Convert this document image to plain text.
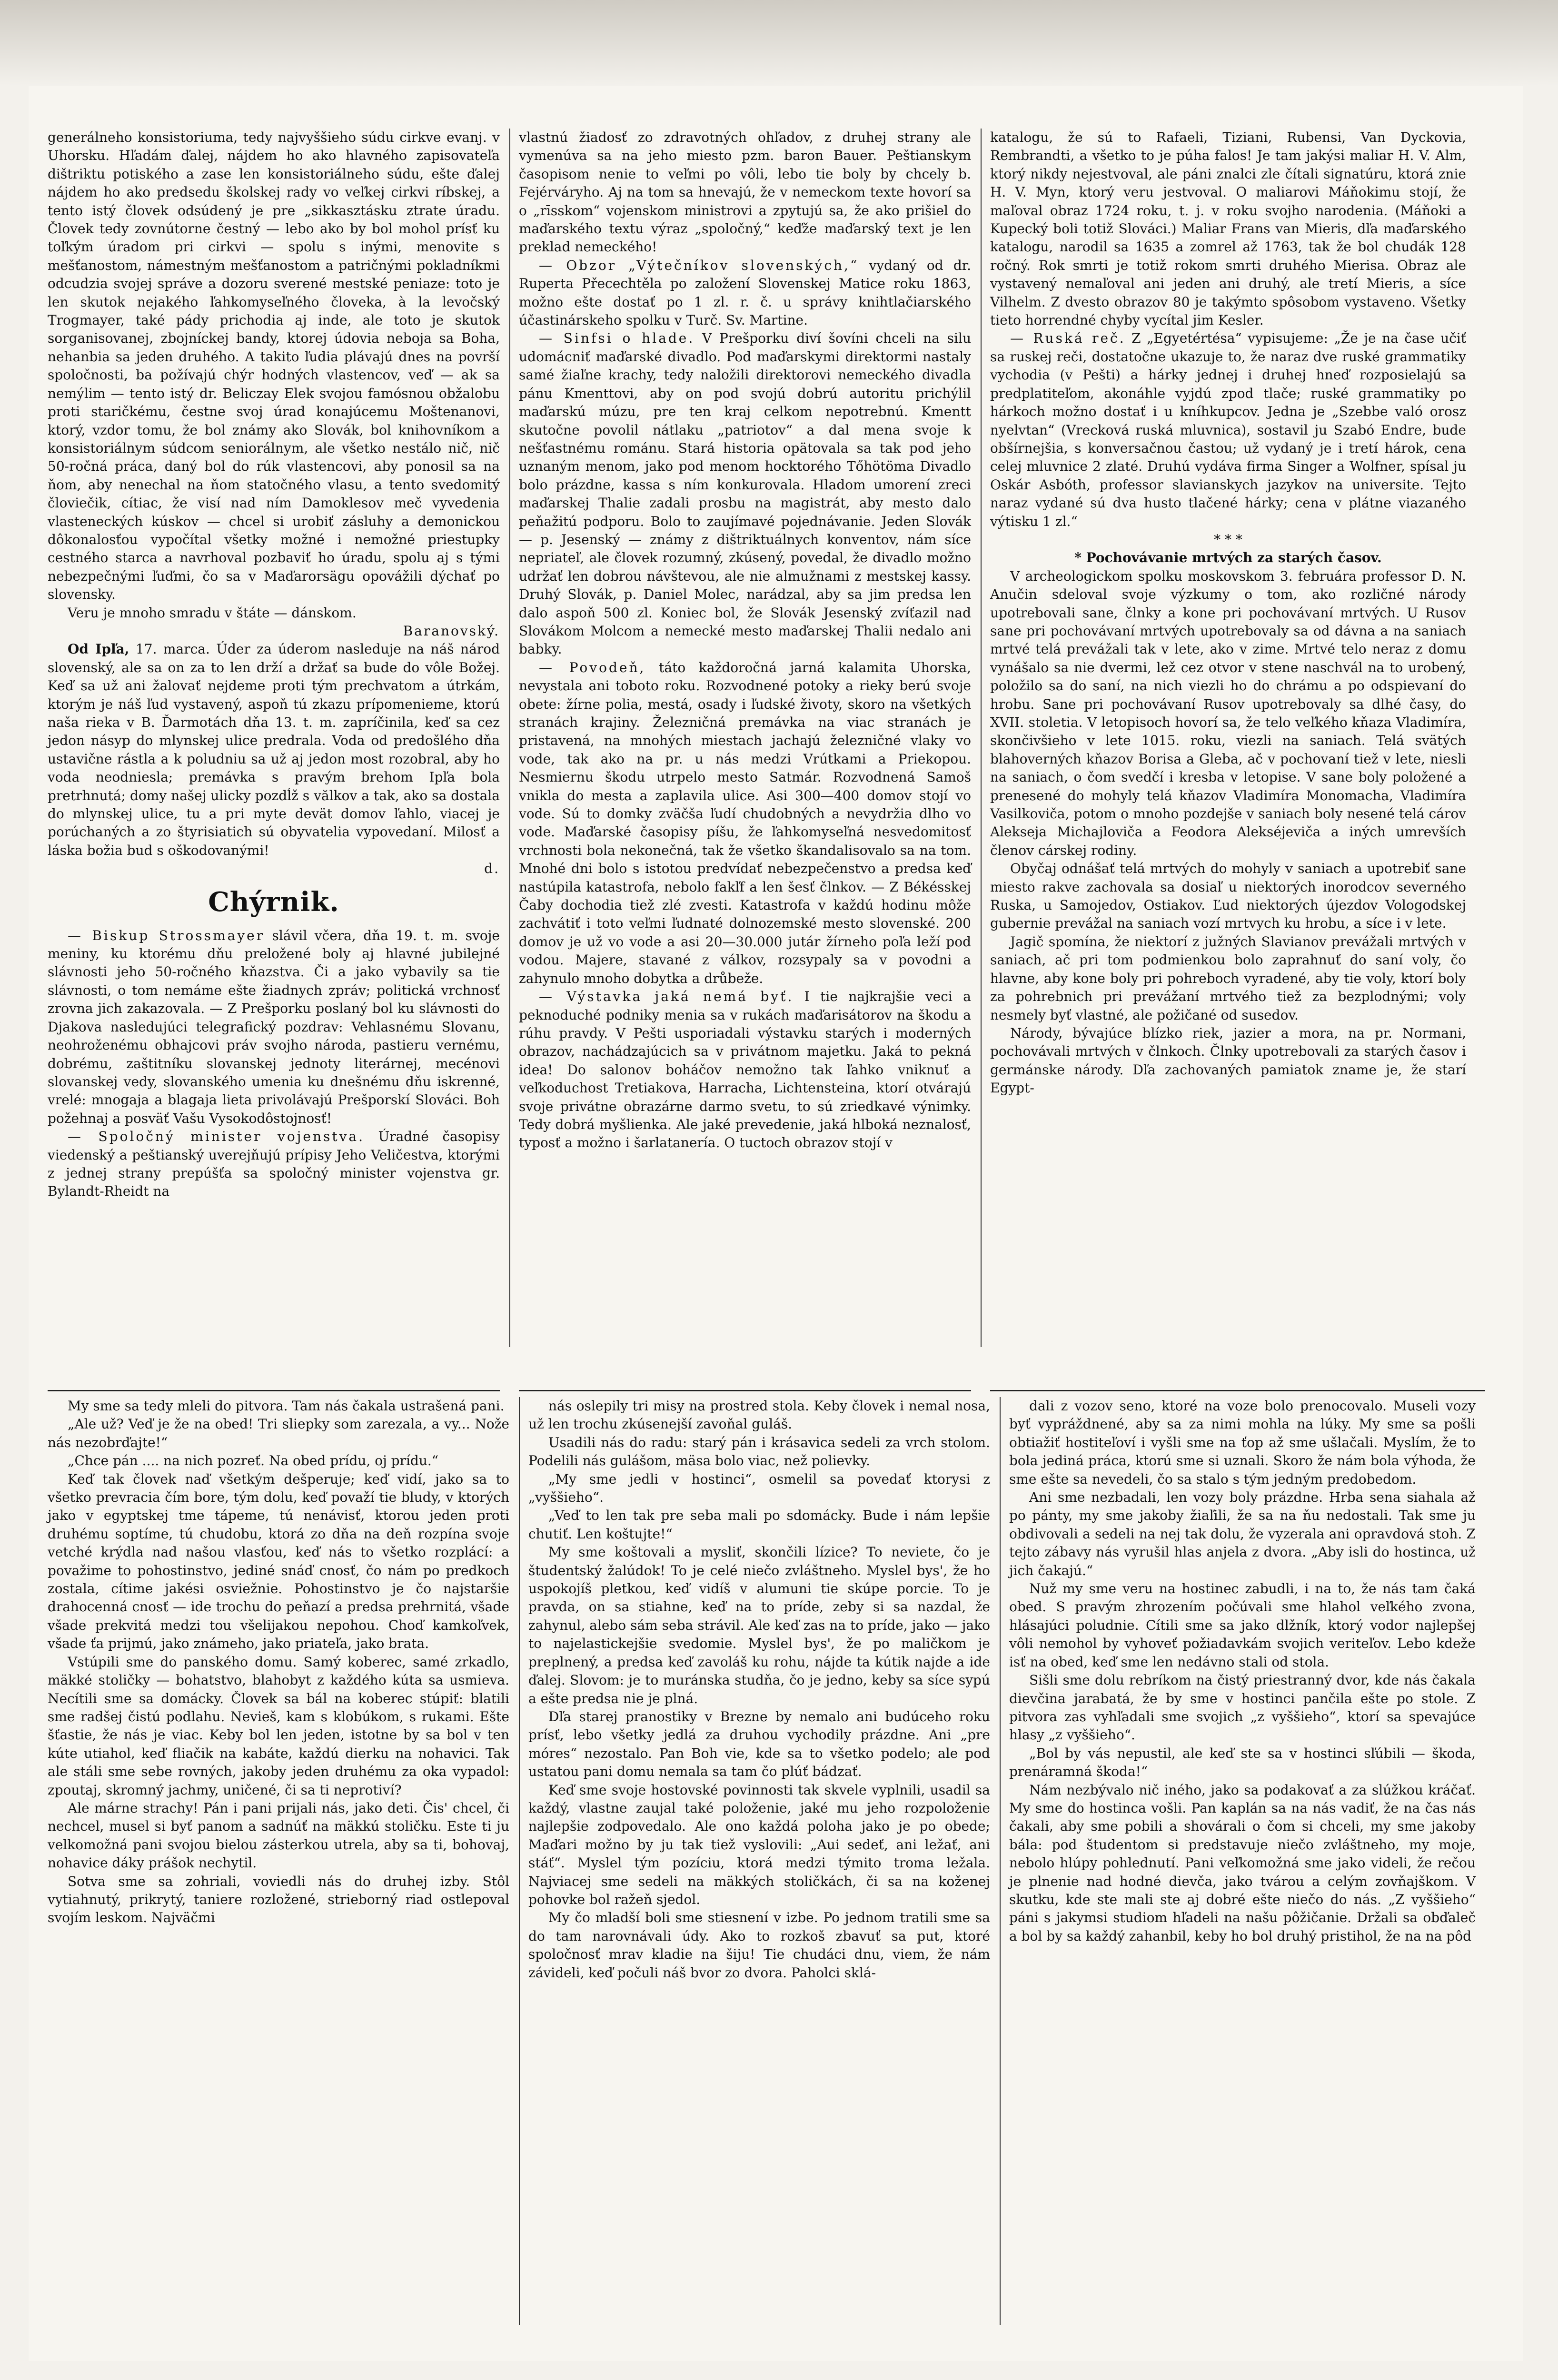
generálneho konsistoriuma, tedy najvyššieho súdu cirkve evanj. v Uhorsku. Hľadám ďalej, nájdem ho ako hlavného zapisovateľa dištriktu potiského a zase len konsistoriálneho súdu, ešte ďalej nájdem ho ako predsedu školskej rady vo veľkej cirkvi ríbskej, a tento istý človek odsúdený je pre „sikkasztásku ztrate úradu. Človek tedy zovnútorne čestný — lebo ako by bol mohol prísť ku toľkým úradom pri cirkvi — spolu s inými, menovite s mešťanostom, námestným mešťanostom a patričnými pokladníkmi odcudzia svojej správe a dozoru sverené mestské peniaze: toto je len skutok nejakého ľahkomyseľného človeka, à la levočský Trogmayer, také pády prichodia aj inde, ale toto je skutok sorganisovanej, zbojníckej bandy, ktorej údovia neboja sa Boha, nehanbia sa jeden druhého. A takito ľudia plávajú dnes na površí spoločnosti, ba požívajú chýr hodných vlastencov, veď — ak sa nemýlim — tento istý dr. Beliczay Elek svojou famósnou obžalobu proti staričkému, čestne svoj úrad konajúcemu Moštenanovi, ktorý, vzdor tomu, že bol známy ako Slovák, bol knihovníkom a konsistoriálnym súdcom seniorálnym, ale všetko nestálo nič, nič 50-ročná práca, daný bol do rúk vlastencovi, aby ponosil sa na ňom, aby nenechal na ňom statočného vlasu, a tento svedomitý človiečik, cítiac, že visí nad ním Damoklesov meč vyvedenia vlasteneckých kúskov — chcel si urobiť zásluhy a demonickou dôkonalosťou vypočítal všetky možné i nemožné priestupky cestného starca a navrhoval pozbaviť ho úradu, spolu aj s tými nebezpečnými ľuďmi, čo sa v Maďarorsägu opovážili dýchať po slovensky.

Veru je mnoho smradu v štáte — dánskom.

Baranovský.

Od Ipľa, 17. marca. Úder za úderom nasleduje na náš národ slovenský, ale sa on za to len drží a držať sa bude do vôle Božej. Keď sa už ani žalovať nejdeme proti tým prechvatom a útrkám, ktorým je náš ľud vystavený, aspoň tú zkazu prípomenieme, ktorú naša rieka v B. Ďarmotách dňa 13. t. m. zapríčinila, keď sa cez jedon násyp do mlynskej ulice predrala. Voda od predošlého dňa ustavične rástla a k poludniu sa už aj jedon most rozobral, aby ho voda neodniesla; premávka s pravým brehom Ipľa bola pretrhnutá; domy našej ulicky pozdĺž s vălkov a tak, ako sa dostala do mlynskej ulice, tu a pri myte devät domov ľahlo, viacej je porúchaných a zo štyrisiatich sú obyvatelia vypovedaní. Milosť a láska božia bud s oškodovanými!

d.
Chýrnik.

— Biskup Strossmayer slávil včera, dňa 19. t. m. svoje meniny, ku ktorému dňu preložené boly aj hlavné jubilejné slávnosti jeho 50-ročného kňazstva. Či a jako vybavily sa tie slávnosti, o tom nemáme ešte žiadnych zpráv; politická vrchnosť zrovna jich zakazovala. — Z Prešporku poslaný bol ku slávnosti do Djakova nasledujúci telegrafický pozdrav: Vehlasnému Slovanu, neohroženému obhajcovi práv svojho národa, pastieru vernému, dobrému, zaštitníku slovanskej jednoty literárnej, mecénovi slovanskej vedy, slovanského umenia ku dnešnému dňu iskrenné, vrelé: mnogaja a blagaja lieta privolávajú Prešporskí Slováci. Boh požehnaj a posväť Vašu Vysokodôstojnosť!

— Spoločný minister vojenstva. Úradné časopisy viedenský a peštianský uverejňujú prípisy Jeho Veličestva, ktorými z jednej strany prepúšťa sa spoločný minister vojenstva gr. Bylandt-Rheidt na

vlastnú žiadosť zo zdravotných ohľadov, z druhej strany ale vymenúva sa na jeho miesto pzm. baron Bauer. Peštianskym časopisom nenie to veľmi po vôli, lebo tie boly by chcely b. Fejérváryho. Aj na tom sa hnevajú, že v nemeckom texte hovorí sa o „rīsskom“ vojenskom ministrovi a zpytujú sa, že ako prišiel do maďarského textu výraz „spoločný,“ keďže maďarský text je len preklad nemeckého!

— Obzor „Výtečníkov slovenských,“ vydaný od dr. Ruperta Přecechtěla po založení Slovenskej Matice roku 1863, možno ešte dostať po 1 zl. r. č. u správy knihtlačiarského účastinárskeho spolku v Turč. Sv. Martine.

— Sinfsi o hlade. V Prešporku diví šovíni chceli na silu udomácniť maďarské divadlo. Pod maďarskymi direktormi nastaly samé žiaľne krachy, tedy naložili direktorovi nemeckého divadla pánu Kmenttovi, aby on pod svojú dobrú autoritu prichýlil maďarskú múzu, pre ten kraj celkom nepotrebnú. Kmentt skutočne povolil nátlaku „patriotov“ a dal mena svoje k nešťastnému románu. Stará historia opätovala sa tak pod jeho uznaným menom, jako pod menom hocktorého Tőhötöma Divadlo bolo prázdne, kassa s ním konkurovala. Hladom umorení zreci maďarskej Thalie zadali prosbu na magistrát, aby mesto dalo peňažitú podporu. Bolo to zaujímavé pojednávanie. Jeden Slovák — p. Jesenský — známy z dištriktuálnych konventov, nám síce nepriateľ, ale človek rozumný, zkúsený, povedal, že divadlo možno udržať len dobrou návštevou, ale nie almužnami z mestskej kassy. Druhý Slovák, p. Daniel Molec, narádzal, aby sa jim predsa len dalo aspoň 500 zl. Koniec bol, že Slovák Jesenský zvíťazil nad Slovákom Molcom a nemecké mesto maďarskej Thalii nedalo ani babky.

— Povodeň, táto každoročná jarná kalamita Uhorska, nevystala ani toboto roku. Rozvodnené potoky a rieky berú svoje obete: žírne polia, mestá, osady i ľudské životy, skoro na všetkých stranách krajiny. Železničná premávka na viac stranách je pristavená, na mnohých miestach jachajú železničné vlaky vo vode, tak ako na pr. u nás medzi Vrútkami a Priekopou. Nesmiernu škodu utrpelo mesto Satmár. Rozvodnená Samoš vnikla do mesta a zaplavila ulice. Asi 300—400 domov stojí vo vode. Sú to domky zväčša ľudí chudobných a nevydržia dlho vo vode. Maďarské časopisy píšu, že ľahkomyseľná nesvedomitosť vrchnosti bola nekonečná, tak že všetko škandalisovalo sa na tom. Mnohé dni bolo s istotou predvídať nebezpečenstvo a predsa keď nastúpila katastrofa, nebolo fakľf a len šesť člnkov. — Z Békésskej Čaby dochodia tiež zlé zvesti. Katastrofa v každú hodinu môže zachvátiť i toto veľmi ľudnaté dolnozemské mesto slovenské. 200 domov je už vo vode a asi 20—30.000 jutár žírneho poľa leží pod vodou. Majere, stavané z válkov, rozsypaly sa v povodni a zahynulo mnoho dobytka a drůbeže.

— Výstavka jaká nemá byť. I tie najkrajšie veci a peknoduché podniky menia sa v rukách maďarisátorov na škodu a rúhu pravdy. V Pešti usporiadali výstavku starých i moderných obrazov, nachádzajúcich sa v privátnom majetku. Jaká to pekná idea! Do salonov boháčov nemožno tak ľahko vniknuť a veľkoduchost Tretiakova, Harracha, Lichtensteina, ktorí otvárajú svoje privátne obrazárne darmo svetu, to sú zriedkavé výnimky. Tedy dobrá myšlienka. Ale jaké prevedenie, jaká hlboká neznalosť, typosť a možno i šarlatanería. O tuctoch obrazov stojí v

katalogu, že sú to Rafaeli, Tiziani, Rubensi, Van Dyckovia, Rembrandti, a všetko to je púha falos! Je tam jakýsi maliar H. V. Alm, ktorý nikdy nejestvoval, ale páni znalci zle čítali signatúru, ktorá znie H. V. Myn, ktorý veru jestvoval. O maliarovi Máňokimu stojí, že maľoval obraz 1724 roku, t. j. v roku svojho narodenia. (Máňoki a Kupecký boli totiž Slováci.) Maliar Frans van Mieris, dľa maďarského katalogu, narodil sa 1635 a zomrel až 1763, tak že bol chudák 128 ročný. Rok smrti je totiž rokom smrti druhého Mierisa. Obraz ale vystavený nemaľoval ani jeden ani druhý, ale tretí Mieris, a síce Vilhelm. Z dvesto obrazov 80 je takýmto spôsobom vystaveno. Všetky tieto horrendné chyby vycítal jim Kesler.

— Ruská reč. Z „Egyetértésa“ vypisujeme: „Že je na čase učiť sa ruskej reči, dostatočne ukazuje to, že naraz dve ruské grammatiky vychodia (v Pešti) a hárky jednej i druhej hneď rozposielajú sa predplatiteľom, akonáhle vyjdú zpod tlače; ruské grammatiky po hárkoch možno dostať i u kníhkupcov. Jedna je „Szebbe való orosz nyelvtan“ (Vrecková ruská mluvnica), sostavil ju Szabó Endre, bude obšírnejšia, s konversačnou častou; už vydaný je i tretí hárok, cena celej mluvnice 2 zlaté. Druhú vydáva firma Singer a Wolfner, spísal ju Oskár Asbóth, professor slavianskych jazykov na universite. Tejto naraz vydané sú dva husto tlačené hárky; cena v plátne viazaného výtisku 1 zl.“

* * *

* Pochovávanie mrtvých za starých časov.

V archeologickom spolku moskovskom 3. februára professor D. N. Anučin sdeloval svoje výzkumy o tom, ako rozličné národy upotrebovali sane, člnky a kone pri pochovávaní mrtvých. U Rusov sane pri pochovávaní mrtvých upotrebovaly sa od dávna a na saniach mrtvé telá prevážali tak v lete, ako v zime. Mrtvé telo neraz z domu vynášalo sa nie dvermi, lež cez otvor v stene naschvál na to urobený, položilo sa do saní, na nich viezli ho do chrámu a po odspievaní do hrobu. Sane pri pochovávaní Rusov upotrebovaly sa dlhé časy, do XVII. stoletia. V letopisoch hovorí sa, že telo veľkého kňaza Vladimíra, skončivšieho v lete 1015. roku, viezli na saniach. Telá svätých blahoverných kňazov Borisa a Gleba, ač v pochovaní tiež v lete, niesli na saniach, o čom svedčí i kresba v letopise. V sane boly položené a prenesené do mohyly telá kňazov Vladimíra Monomacha, Vladimíra Vasilkoviča, potom o mnoho pozdejše v saniach boly nesené telá cárov Alekseja Michajloviča a Feodora Alekséjeviča a iných umrevších členov cárskej rodiny.

Obyčaj odnášať telá mrtvých do mohyly v saniach a upotrebiť sane miesto rakve zachovala sa dosiaľ u niektorých inorodcov severného Ruska, u Samojedov, Ostiakov. Ľud niektorých újezdov Vologodskej gubernie prevážal na saniach vozí mrtvych ku hrobu, a síce i v lete.

Jagič spomína, že niektorí z južných Slavianov prevážali mrtvých v saniach, ač pri tom podmienkou bolo zaprahnuť do saní voly, čo hlavne, aby kone boly pri pohreboch vyradené, aby tie voly, ktorí boly za pohrebnich pri prevážaní mrtvého tiež za bezplodnými; voly nesmely byť vlastné, ale požičané od susedov.

Národy, bývajúce blízko riek, jazier a mora, na pr. Normani, pochovávali mrtvých v člnkoch. Člnky upotrebovali za starých časov i germánske národy. Dľa zachovaných pamiatok zname je, že starí Egypt-

My sme sa tedy mleli do pitvora. Tam nás čakala ustrašená pani.

„Ale už? Veď je že na obed! Tri sliepky som zarezala, a vy... Nože nás nezobrďajte!“

„Chce pán .... na nich pozreť. Na obed prídu, oj prídu.“

Keď tak človek naď všetkým dešperuje; keď vidí, jako sa to všetko prevracia čím bore, tým dolu, keď považí tie bludy, v ktorých jako v egyptskej tme tápeme, tú nenávisť, ktorou jeden proti druhému soptíme, tú chudobu, ktorá zo dňa na deň rozpína svoje vetché krýdla nad našou vlasťou, keď nás to všetko rozplácí: a považime to pohostinstvo, jediné snáď cnosť, čo nám po predkoch zostala, cítime jakési osviežnie. Pohostinstvo je čo najstaršie drahocenná cnosť — ide trochu do peňazí a predsa prehrnitá, všade všade prekvitá medzi tou všelijakou nepohou. Choď kamkoľvek, všade ťa prijmú, jako známeho, jako priateľa, jako brata.

Vstúpili sme do panského domu. Samý koberec, samé zrkadlo, mäkké stoličky — bohatstvo, blahobyt z každého kúta sa usmieva. Necítili sme sa domácky. Človek sa bál na koberec stúpiť: blatili sme radšej čistú podlahu. Nevieš, kam s klobúkom, s rukami. Ešte šťastie, že nás je viac. Keby bol len jeden, istotne by sa bol v ten kúte utiahol, keď fliačik na kabáte, každú dierku na nohavici. Tak ale stáli sme sebe rovných, jakoby jeden druhému za oka vypadol: zpoutaj, skromný jachmy, uničené, či sa ti neprotiví?

Ale márne strachy! Pán i pani prijali nás, jako deti. Čis' chcel, či nechcel, musel si byť panom a sadnúť na mäkkú stoličku. Este ti ju velkomožná pani svojou bielou zásterkou utrela, aby sa ti, bohovaj, nohavice dáky prášok nechytil.

Sotva sme sa zohriali, voviedli nás do druhej izby. Stôl vytiahnutý, prikrytý, taniere rozložené, strieborný riad ostlepoval svojím leskom. Najväčmi

nás oslepily tri misy na prostred stola. Keby človek i nemal nosa, už len trochu zkúsenejší zavoňal guláš.

Usadili nás do radu: starý pán i krásavica sedeli za vrch stolom. Podelili nás gulášom, mäsa bolo viac, než polievky.

„My sme jedli v hostinci“, osmelil sa povedať ktorysi z „vyššieho“.

„Veď to len tak pre seba mali po sdomácky. Bude i nám lepšie chutiť. Len koštujte!“

My sme koštovali a mysliť, skončili lízice? To neviete, čo je študentský žalúdok! To je celé niečo zvláštneho. Myslel bys', že ho uspokojíš pletkou, keď vidíš v alumuni tie skúpe porcie. To je pravda, on sa stiahne, keď na to príde, zeby si sa nazdal, že zahynul, alebo sám seba strávil. Ale keď zas na to príde, jako — jako to najelastickejšie svedomie. Myslel bys', že po maličkom je preplnený, a predsa keď zavoláš ku rohu, nájde ta kútik najde a ide ďalej. Slovom: je to muránska studňa, čo je jedno, keby sa síce sypú a ešte predsa nie je plná.

Dľa starej pranostiky v Brezne by nemalo ani budúceho roku prísť, lebo všetky jedlá za druhou vychodily prázdne. Ani „pre móres“ nezostalo. Pan Boh vie, kde sa to všetko podelo; ale pod ustatou pani domu nemala sa tam čo plúť bádzať.

Keď sme svoje hostovské povinnosti tak skvele vyplnili, usadil sa každý, vlastne zaujal také položenie, jaké mu jeho rozpoloženie najlepšie zodpovedalo. Ale ono každá poloha jako je po obede; Maďari možno by ju tak tiež vyslovili: „Aui sedeť, ani ležať, ani stáť“. Myslel tým pozíciu, ktorá medzi týmito troma ležala. Najviacej sme sedeli na mäkkých stoličkách, či sa na koženej pohovke bol ražeň sjedol.

My čo mladší boli sme stiesnení v izbe. Po jednom tratili sme sa do tam narovnávali údy. Ako to rozkoš zbavuť sa put, ktoré spoločnosť mrav kladie na šiju! Tie chudáci dnu, viem, že nám závideli, keď počuli náš bvor zo dvora. Paholci sklá-

dali z vozov seno, ktoré na voze bolo prenocovalo. Museli vozy byť vypráždnené, aby sa za nimi mohla na lúky. My sme sa pošli obtiažiť hostiteľoví i vyšli sme na ťop až sme ušlačali. Myslím, že to bola jediná práca, ktorú sme si uznali. Skoro že nám bola výhoda, že sme ešte sa nevedeli, čo sa stalo s tým jedným predobedom.

Ani sme nezbadali, len vozy boly prázdne. Hrba sena siahala až po pánty, my sme jakoby žiaľili, že sa na ňu nedostali. Tak sme ju obdivovali a sedeli na nej tak dolu, že vyzerala ani opravdová stoh. Z tejto zábavy nás vyrušil hlas anjela z dvora. „Aby isli do hostinca, už jich čakajú.“

Nuž my sme veru na hostinec zabudli, i na to, že nás tam čaká obed. S pravým zhrozením počúvali sme hlahol veľkého zvona, hlásajúci poludnie. Cítili sme sa jako dlžník, ktorý vodor najlepšej vôli nemohol by vyhoveť požiadavkám svojich veriteľov. Lebo kdeže isť na obed, keď sme len nedávno stali od stola.

Sišli sme dolu rebríkom na čistý priestranný dvor, kde nás čakala dievčina jarabatá, že by sme v hostinci pančila ešte po stole. Z pitvora zas vyhľadali sme svojich „z vyššieho“, ktorí sa spevajúce hlasy „z vyššieho“.

„Bol by vás nepustil, ale keď ste sa v hostinci sľúbili — škoda, prenáramná škoda!“

Nám nezbývalo nič iného, jako sa podakovať a za slúžkou kráčať. My sme do hostinca vošli. Pan kaplán sa na nás vadiť, že na čas nás čakali, aby sme pobili a shovárali o čom si chceli, my sme jakoby bála: pod študentom si predstavuje niečo zvláštneho, my moje, nebolo hlúpy pohlednutí. Pani veľkomožná sme jako videli, že rečou je plnenie nad hodné dievča, jako tvárou a celým zovňajškom. V skutku, kde ste mali ste aj dobré ešte niečo do nás. „Z vyššieho“ páni s jakymsi studiom hľadeli na našu pôžičanie. Držali sa obďaleč a bol by sa každý zahanbil, keby ho bol druhý pristihol, že na na pôd
